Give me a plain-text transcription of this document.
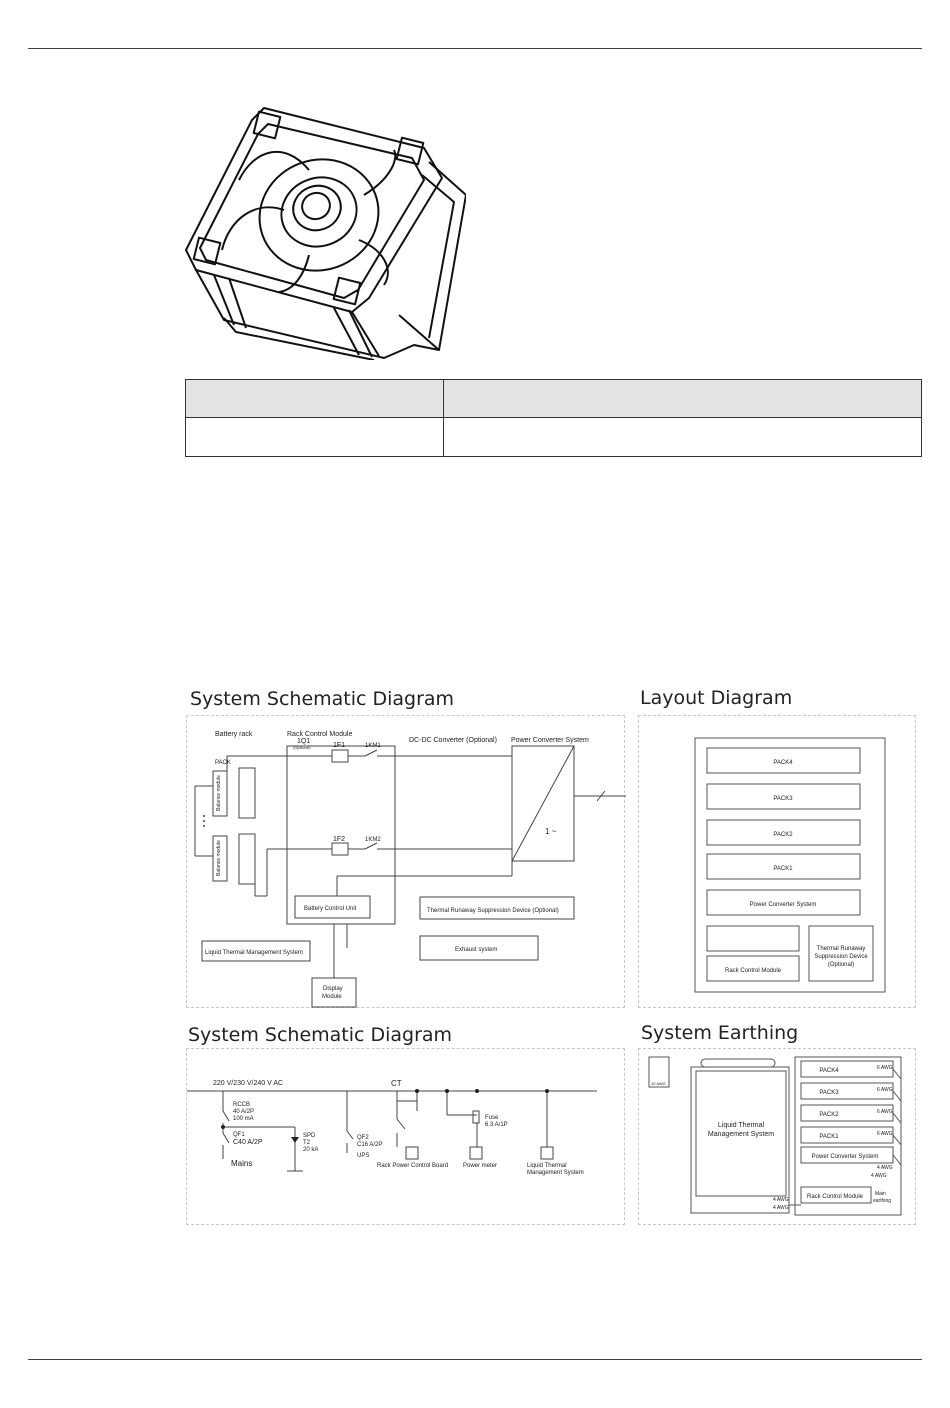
System Schematic Diagram
Battery rack
PACK
Balance module
Balance module
Rack Control Module
1Q1
(Optional)	1F1
1F2
1KM1
1KM2
DC-DC Converter (Optional) Power Converter System
1 ~
Battery Control Unit	Thermal Runaway Suppression Device (Optional)
Liquid Thermal Management System	Exhaust system
Display
Module
Layout Diagram
PACK4
PACK3
PACK2
PACK1
Power Converter System
Rack Control Module
Thermal Runaway
Suppression Device
(Optional)
System Schematic Diagram
220 V/230 V/240 V AC
RCCB
40 A/2P
100 mA
QF1
C40 A/2P
Mains
SPD
T2
20 kA
QF2
C16 A/2P
UPS
CT
Fuse
6.3 A/1P
Rack Power Control Board Power meter	Liquid Thermal
Management System
System Earthing
Liquid Thermal
Management System
PACK4
PACK3
PACK2
PACK1
Power Converter System
Rack Control Module
6 AWG
6 AWG
6 AWG
6 AWG
4 AWG
4 AWG
4 AWG
4 AWG
10 AWG
Main
earthing
